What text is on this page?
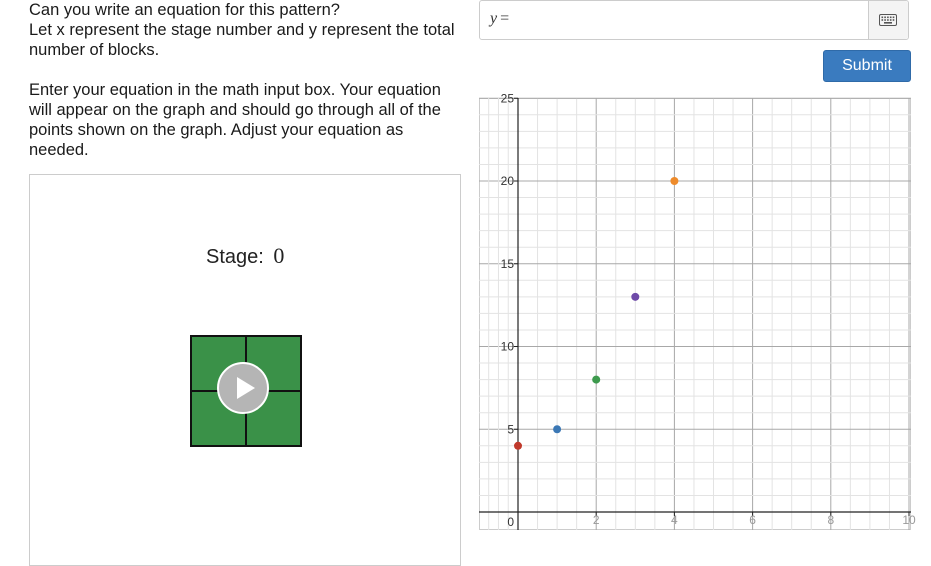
Can you write an equation for this pattern?

Let x represent the stage number and y represent the total number of blocks.

Enter your equation in the math input box. Your equation will appear on the graph and should go through all of the points shown on the graph. Adjust your equation as needed.

Stage: 0
y =
Submit
2	4	6	8	10
5
10
15
20
25
0
